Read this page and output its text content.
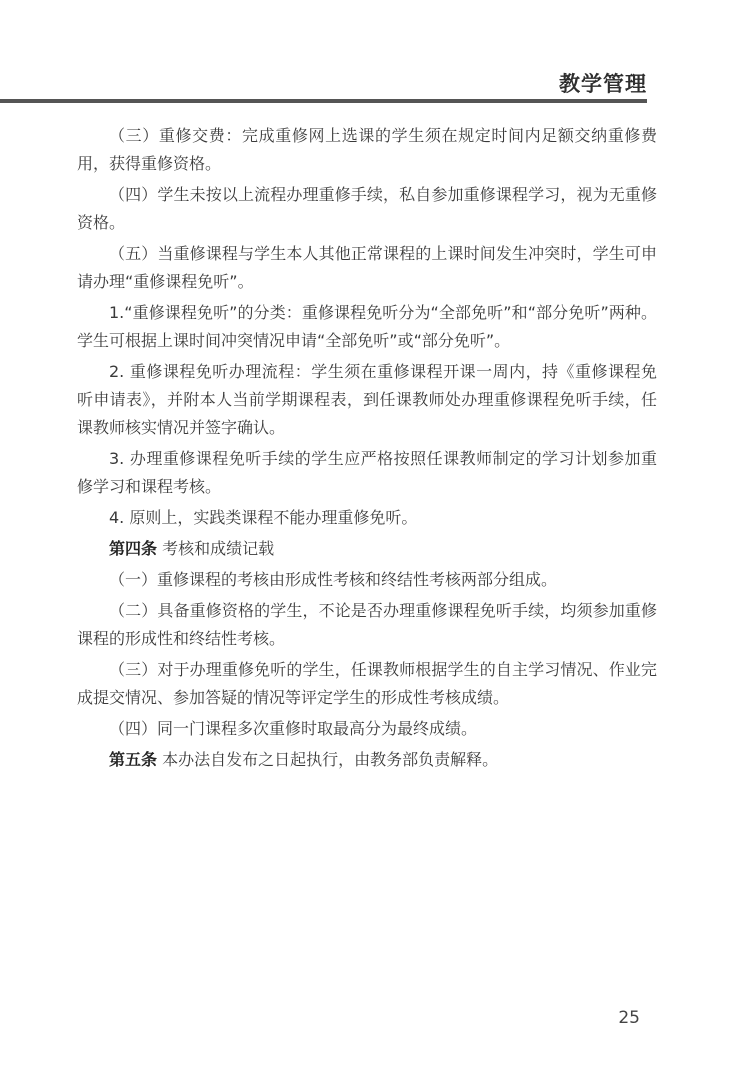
教学管理

（三）重修交费：完成重修网上选课的学生须在规定时间内足额交纳重修费用，获得重修资格。

（四）学生未按以上流程办理重修手续，私自参加重修课程学习，视为无重修资格。

（五）当重修课程与学生本人其他正常课程的上课时间发生冲突时，学生可申请办理“重修课程免听”。

1.“重修课程免听”的分类：重修课程免听分为“全部免听”和“部分免听”两种。学生可根据上课时间冲突情况申请“全部免听”或“部分免听”。

2. 重修课程免听办理流程：学生须在重修课程开课一周内，持《重修课程免听申请表》，并附本人当前学期课程表，到任课教师处办理重修课程免听手续，任课教师核实情况并签字确认。

3. 办理重修课程免听手续的学生应严格按照任课教师制定的学习计划参加重修学习和课程考核。

4. 原则上，实践类课程不能办理重修免听。

第四条 考核和成绩记载

（一）重修课程的考核由形成性考核和终结性考核两部分组成。

（二）具备重修资格的学生，不论是否办理重修课程免听手续，均须参加重修课程的形成性和终结性考核。

（三）对于办理重修免听的学生，任课教师根据学生的自主学习情况、作业完成提交情况、参加答疑的情况等评定学生的形成性考核成绩。

（四）同一门课程多次重修时取最高分为最终成绩。

第五条 本办法自发布之日起执行，由教务部负责解释。

25
